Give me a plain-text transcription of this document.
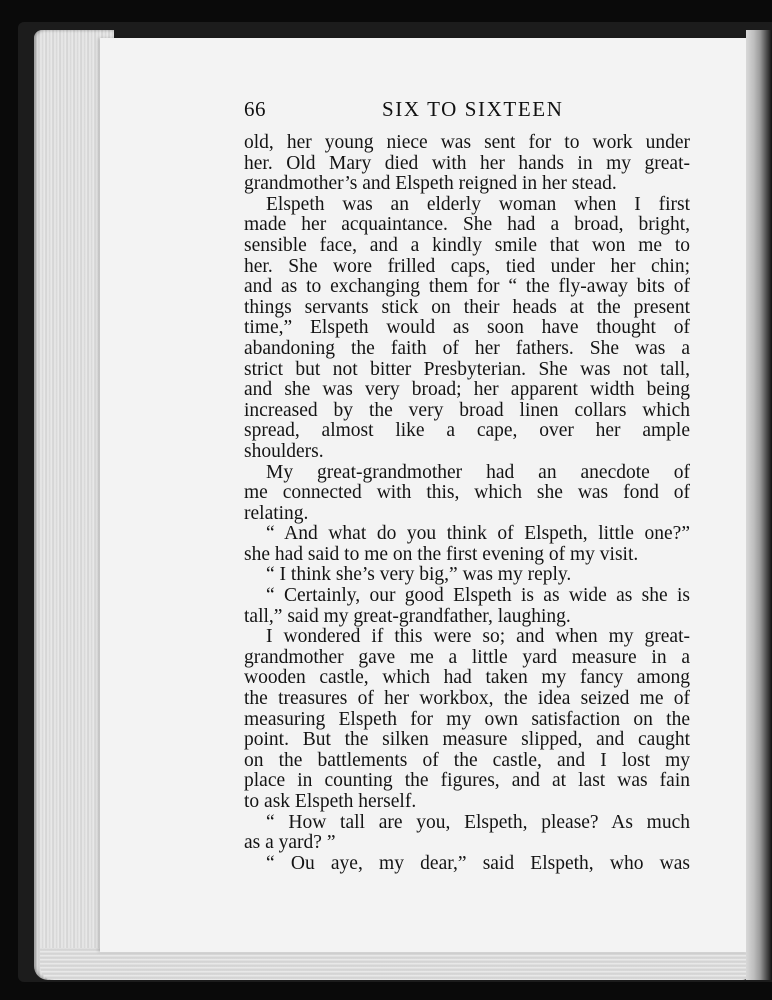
66	SIX TO SIXTEEN
old, her young niece was sent for to work under
her. Old Mary died with her hands in my great-
grandmother’s and Elspeth reigned in her stead.
Elspeth was an elderly woman when I first
made her acquaintance. She had a broad, bright,
sensible face, and a kindly smile that won me to
her. She wore frilled caps, tied under her chin;
and as to exchanging them for “ the fly-away bits of
things servants stick on their heads at the present
time,” Elspeth would as soon have thought of
abandoning the faith of her fathers. She was a
strict but not bitter Presbyterian. She was not tall,
and she was very broad; her apparent width being
increased by the very broad linen collars which
spread, almost like a cape, over her ample
shoulders.
My great-grandmother had an anecdote of
me connected with this, which she was fond of
relating.
“ And what do you think of Elspeth, little one?”
she had said to me on the first evening of my visit.
“ I think she’s very big,” was my reply.
“ Certainly, our good Elspeth is as wide as she is
tall,” said my great-grandfather, laughing.
I wondered if this were so; and when my great-
grandmother gave me a little yard measure in a
wooden castle, which had taken my fancy among
the treasures of her workbox, the idea seized me of
measuring Elspeth for my own satisfaction on the
point. But the silken measure slipped, and caught
on the battlements of the castle, and I lost my
place in counting the figures, and at last was fain
to ask Elspeth herself.
“ How tall are you, Elspeth, please? As much
as a yard? ”
“ Ou aye, my dear,” said Elspeth, who was
